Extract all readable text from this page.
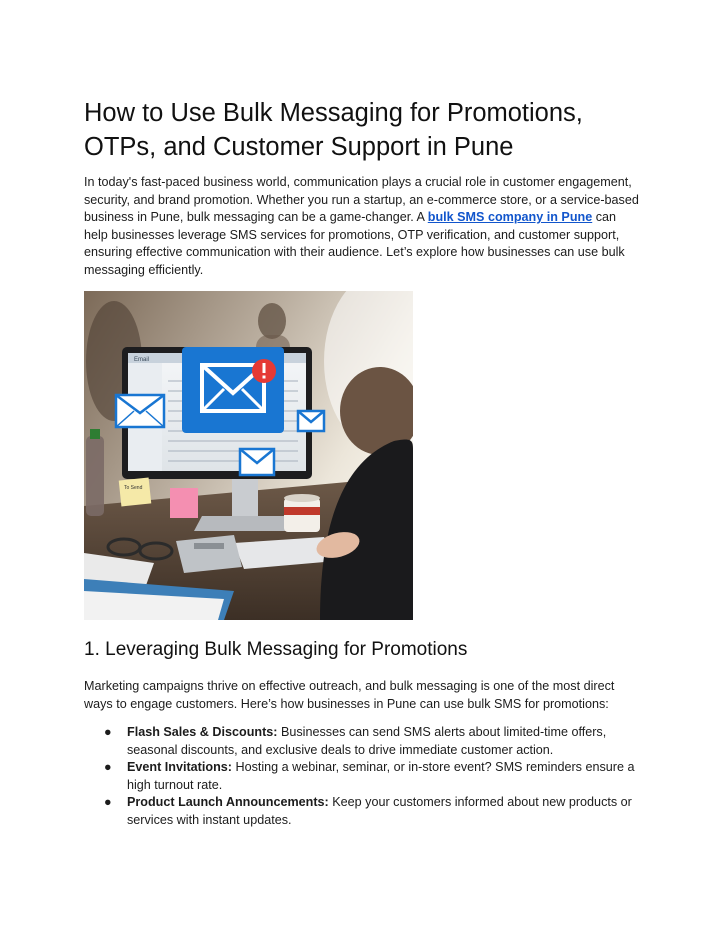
How to Use Bulk Messaging for Promotions, OTPs, and Customer Support in Pune

In today's fast-paced business world, communication plays a crucial role in customer engagement, security, and brand promotion. Whether you run a startup, an e-commerce store, or a service-based business in Pune, bulk messaging can be a game-changer. A bulk SMS company in Pune can help businesses leverage SMS services for promotions, OTP verification, and customer support, ensuring effective communication with their audience. Let’s explore how businesses can use bulk messaging efficiently.

Email
To Send
1. Leveraging Bulk Messaging for Promotions

Marketing campaigns thrive on effective outreach, and bulk messaging is one of the most direct ways to engage customers. Here’s how businesses in Pune can use bulk SMS for promotions:

● Flash Sales & Discounts: Businesses can send SMS alerts about limited-time offers, seasonal discounts, and exclusive deals to drive immediate customer action.
● Event Invitations: Hosting a webinar, seminar, or in-store event? SMS reminders ensure a high turnout rate.
● Product Launch Announcements: Keep your customers informed about new products or services with instant updates.
